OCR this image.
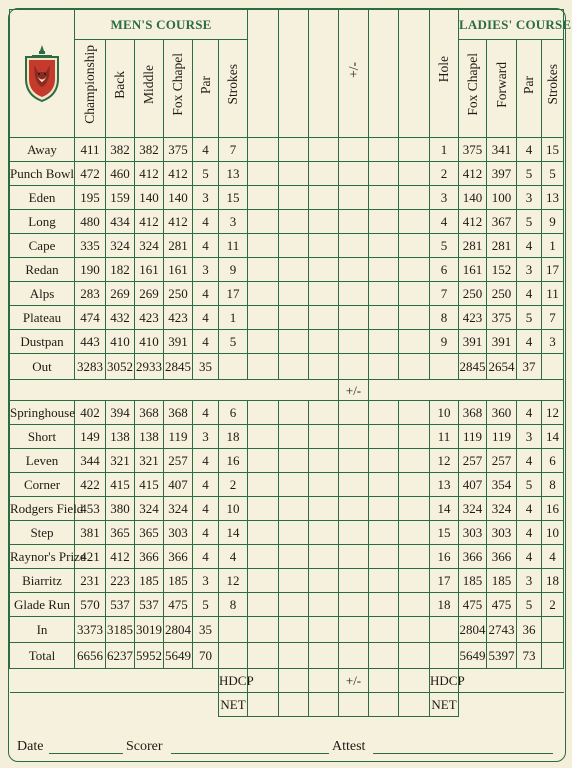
	MEN'S COURSE									+/-			Hole	LADIES' COURSE			
	Championship	Back	Middle	Fox Chapel	Par	Strokes								Fox Chapel	Forward	Par	Strokes
Away	411	382	382	375	4	7							1	375	341	4	15
Punch Bowl	472	460	412	412	5	13							2	412	397	5	5
Eden	195	159	140	140	3	15							3	140	100	3	13
Long	480	434	412	412	4	3							4	412	367	5	9
Cape	335	324	324	281	4	11							5	281	281	4	1
Redan	190	182	161	161	3	9							6	161	152	3	17
Alps	283	269	269	250	4	17							7	250	250	4	11
Plateau	474	432	423	423	4	1							8	423	375	5	7
Dustpan	443	410	410	391	4	5							9	391	391	4	3
Out	3283	3052	2933	2845	35									2845	2654	37	
										+/-							
Springhouse	402	394	368	368	4	6							10	368	360	4	12
Short	149	138	138	119	3	18							11	119	119	3	14
Leven	344	321	321	257	4	16							12	257	257	4	6
Corner	422	415	415	407	4	2							13	407	354	5	8
Rodgers Field	453	380	324	324	4	10							14	324	324	4	16
Step	381	365	365	303	4	14							15	303	303	4	10
Raynor's Prize	421	412	366	366	4	4							16	366	366	4	4
Biarritz	231	223	185	185	3	12							17	185	185	3	18
Glade Run	570	537	537	475	5	8							18	475	475	5	2
In	3373	3185	3019	2804	35									2804	2743	36	
Total	6656	6237	5952	5649	70									5649	5397	73	
						HDCP				+/-			HDCP				
						NET							NET				
Date	Scorer	Attest
